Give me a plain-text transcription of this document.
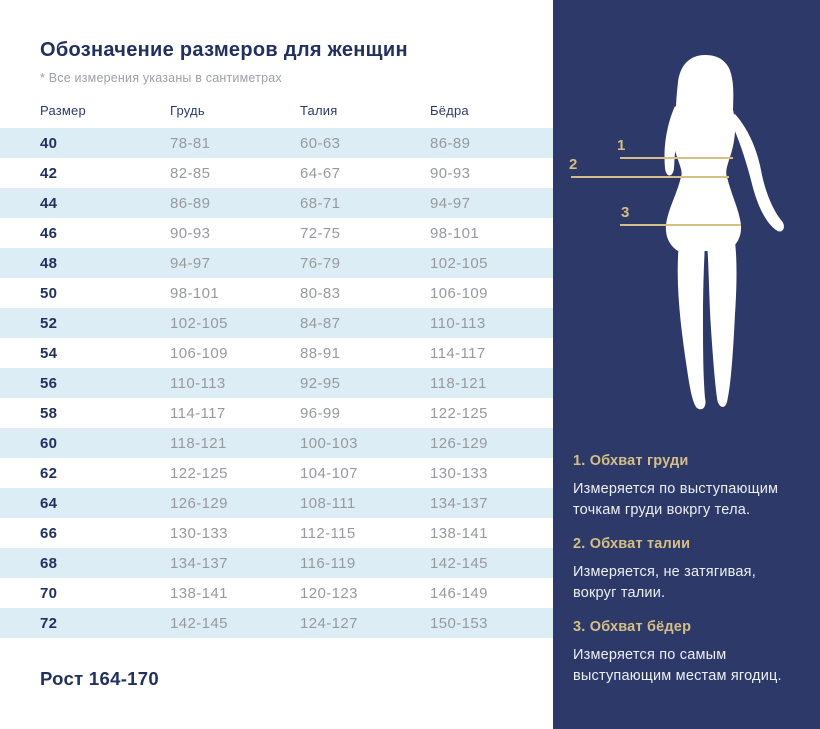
Обозначение размеров для женщин
* Все измерения указаны в сантиметрах
Размер	Грудь	Талия	Бёдра
40	78-81	60-63	86-89
42	82-85	64-67	90-93
44	86-89	68-71	94-97
46	90-93	72-75	98-101
48	94-97	76-79	102-105
50	98-101	80-83	106-109
52	102-105	84-87	110-113
54	106-109	88-91	114-117
56	110-113	92-95	118-121
58	114-117	96-99	122-125
60	118-121	100-103	126-129
62	122-125	104-107	130-133
64	126-129	108-111	134-137
66	130-133	112-115	138-141
68	134-137	116-119	142-145
70	138-141	120-123	146-149
72	142-145	124-127	150-153
Рост 164-170
1
2
3
1. Обхват груди
Измеряется по выступающим точкам груди вокргу тела.
2. Обхват талии
Измеряется, не затягивая, вокруг талии.
3. Обхват бёдер
Измеряется по самым выступающим местам ягодиц.
